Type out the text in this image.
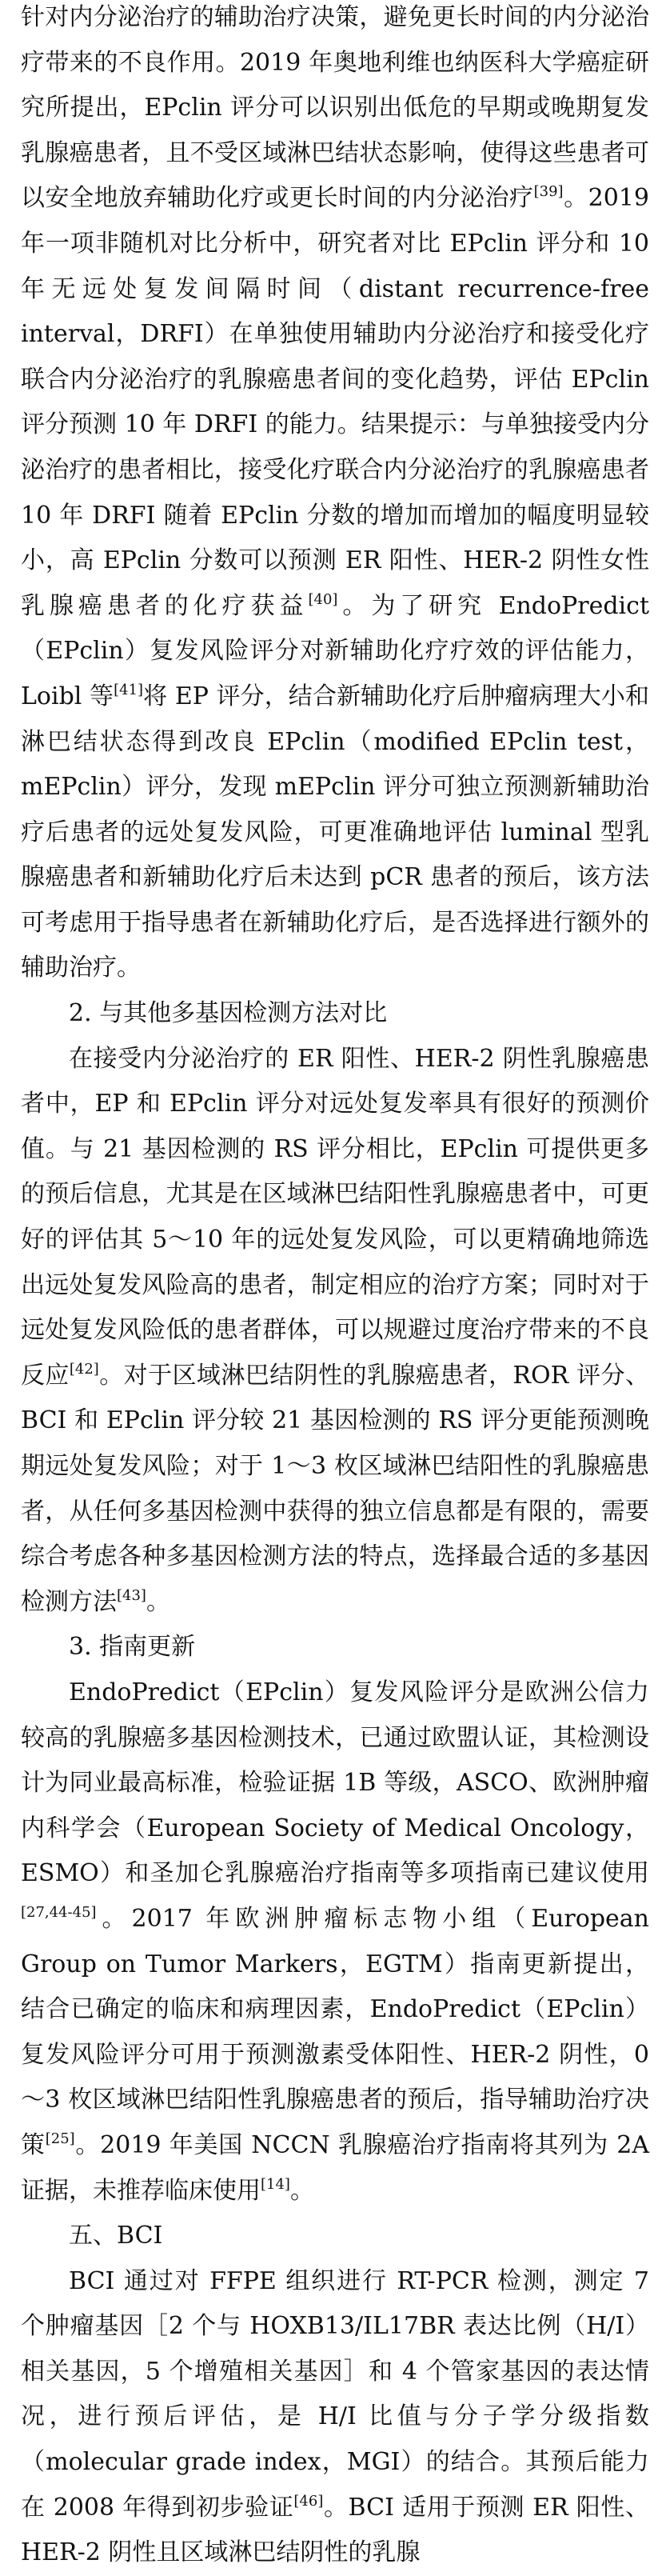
针对内分泌治疗的辅助治疗决策，避免更长时间的内分泌治疗带来的不良作用。2019 年奥地利维也纳医科大学癌症研究所提出，EPclin 评分可以识别出低危的早期或晚期复发乳腺癌患者，且不受区域淋巴结状态影响，使得这些患者可以安全地放弃辅助化疗或更长时间的内分泌治疗[39]。2019 年一项非随机对比分析中，研究者对比 EPclin 评分和 10 年无远处复发间隔时间（distant recurrence-free interval，DRFI）在单独使用辅助内分泌治疗和接受化疗联合内分泌治疗的乳腺癌患者间的变化趋势，评估 EPclin 评分预测 10 年 DRFI 的能力。结果提示：与单独接受内分泌治疗的患者相比，接受化疗联合内分泌治疗的乳腺癌患者 10 年 DRFI 随着 EPclin 分数的增加而增加的幅度明显较小，高 EPclin 分数可以预测 ER 阳性、HER-2 阴性女性乳腺癌患者的化疗获益[40]。为了研究 EndoPredict（EPclin）复发风险评分对新辅助化疗疗效的评估能力，Loibl 等[41]将 EP 评分，结合新辅助化疗后肿瘤病理大小和淋巴结状态得到改良 EPclin（modified EPclin test，mEPclin）评分，发现 mEPclin 评分可独立预测新辅助治疗后患者的远处复发风险，可更准确地评估 luminal 型乳腺癌患者和新辅助化疗后未达到 pCR 患者的预后，该方法可考虑用于指导患者在新辅助化疗后，是否选择进行额外的辅助治疗。

2. 与其他多基因检测方法对比

在接受内分泌治疗的 ER 阳性、HER-2 阴性乳腺癌患者中，EP 和 EPclin 评分对远处复发率具有很好的预测价值。与 21 基因检测的 RS 评分相比，EPclin 可提供更多的预后信息，尤其是在区域淋巴结阳性乳腺癌患者中，可更好的评估其 5～10 年的远处复发风险，可以更精确地筛选出远处复发风险高的患者，制定相应的治疗方案；同时对于远处复发风险低的患者群体，可以规避过度治疗带来的不良反应[42]。对于区域淋巴结阴性的乳腺癌患者，ROR 评分、BCI 和 EPclin 评分较 21 基因检测的 RS 评分更能预测晚期远处复发风险；对于 1～3 枚区域淋巴结阳性的乳腺癌患者，从任何多基因检测中获得的独立信息都是有限的，需要综合考虑各种多基因检测方法的特点，选择最合适的多基因检测方法[43]。

3. 指南更新

EndoPredict（EPclin）复发风险评分是欧洲公信力较高的乳腺癌多基因检测技术，已通过欧盟认证，其检测设计为同业最高标准，检验证据 1B 等级，ASCO、欧洲肿瘤内科学会（European Society of Medical Oncology，ESMO）和圣加仑乳腺癌治疗指南等多项指南已建议使用[27,44-45]。2017 年欧洲肿瘤标志物小组（European Group on Tumor Markers，EGTM）指南更新提出，结合已确定的临床和病理因素，EndoPredict（EPclin）复发风险评分可用于预测激素受体阳性、HER-2 阴性，0～3 枚区域淋巴结阳性乳腺癌患者的预后，指导辅助治疗决策[25]。2019 年美国 NCCN 乳腺癌治疗指南将其列为 2A 证据，未推荐临床使用[14]。

五、BCI

BCI 通过对 FFPE 组织进行 RT-PCR 检测，测定 7 个肿瘤基因［2 个与 HOXB13/IL17BR 表达比例（H/I）相关基因，5 个增殖相关基因］和 4 个管家基因的表达情况，进行预后评估，是 H/I 比值与分子学分级指数（molecular grade index，MGI）的结合。其预后能力在 2008 年得到初步验证[46]。BCI 适用于预测 ER 阳性、HER-2 阴性且区域淋巴结阴性的乳腺
